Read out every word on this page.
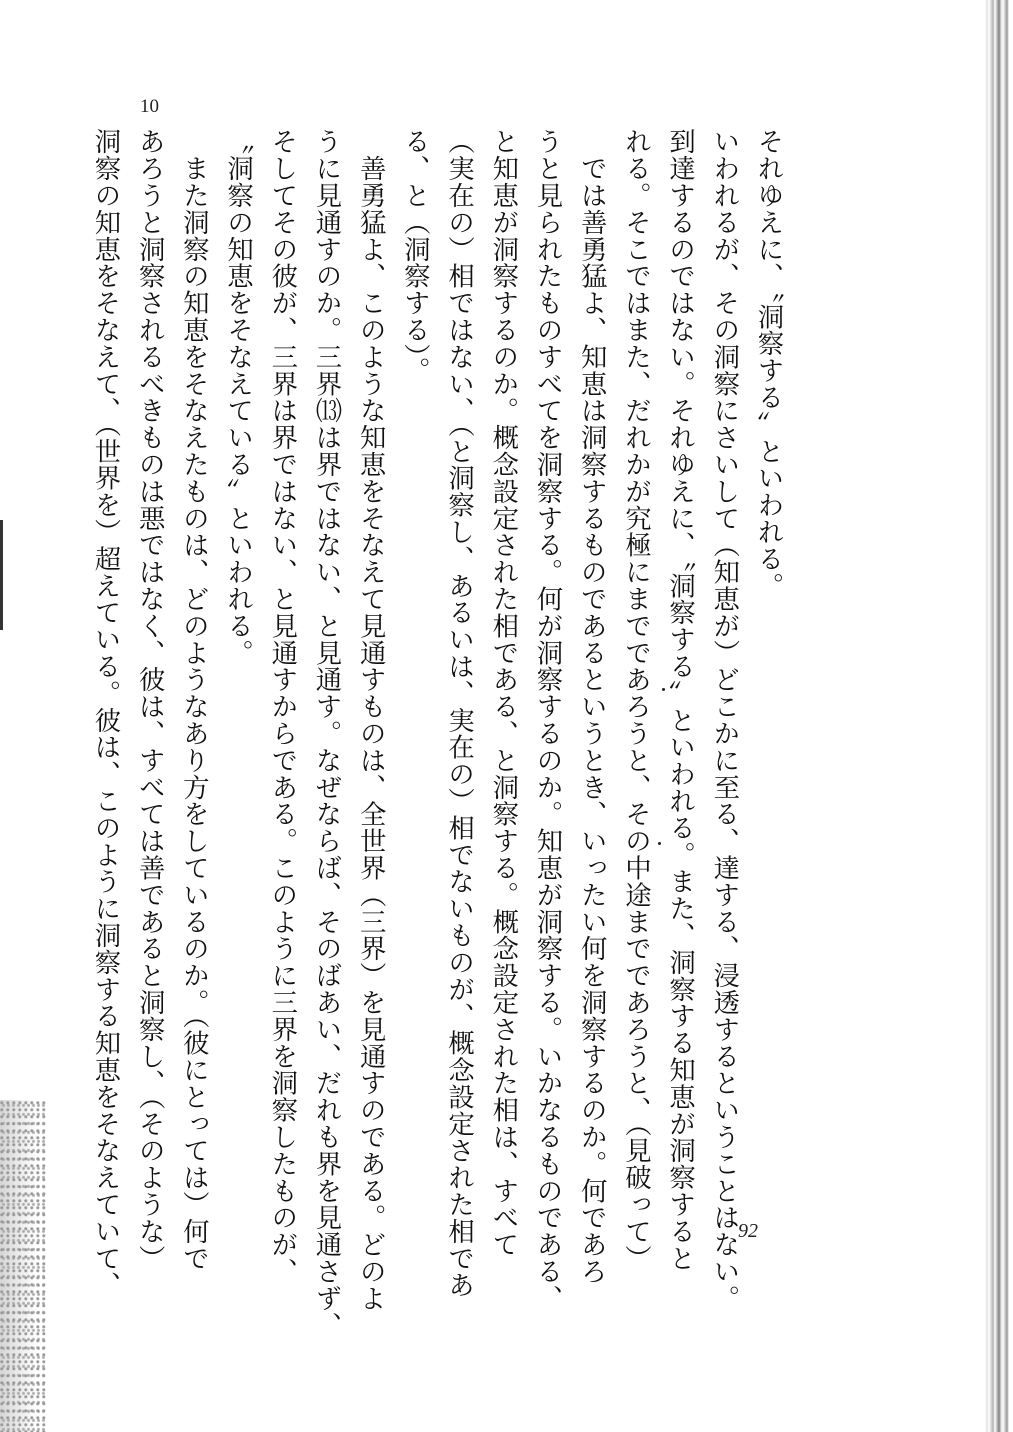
10
それゆえに、〝洞察する〟といわれる。
いわれるが、その洞察にさいして（知恵が）どこかに至る、達する、浸透するということはない。
到達するのではない。それゆえに、〝洞察する〟といわれる。また、洞察する知恵が洞察すると
れる。そこではまた、だれかが究極にまでであろうと、その中途までであろうと、（見破って）
　では善勇猛よ、知恵は洞察するものであるというとき、いったい何を洞察するのか。何であろ
うと見られたものすべてを洞察する。何が洞察するのか。知恵が洞察する。いかなるものである、
と知恵が洞察するのか。概念設定された相である、と洞察する。概念設定された相は、すべて
（実在の）相ではない、（と洞察し、あるいは、実在の）相でないものが、概念設定された相であ
る、と（洞察する）。
　善勇猛よ、このような知恵をそなえて見通すものは、全世界（三界）を見通すのである。どのよ
うに見通すのか。三界⒀は界ではない、と見通す。なぜならば、そのばあい、だれも界を見通さず、
そしてその彼が、三界は界ではない、と見通すからである。このように三界を洞察したものが、
〝洞察の知恵をそなえている〟といわれる。
　また洞察の知恵をそなえたものは、どのようなあり方をしているのか。（彼にとっては）何で
あろうと洞察されるべきものは悪ではなく、彼は、すべては善であると洞察し、（そのような）
洞察の知恵をそなえて、（世界を）超えている。彼は、このように洞察する知恵をそなえていて、	92
